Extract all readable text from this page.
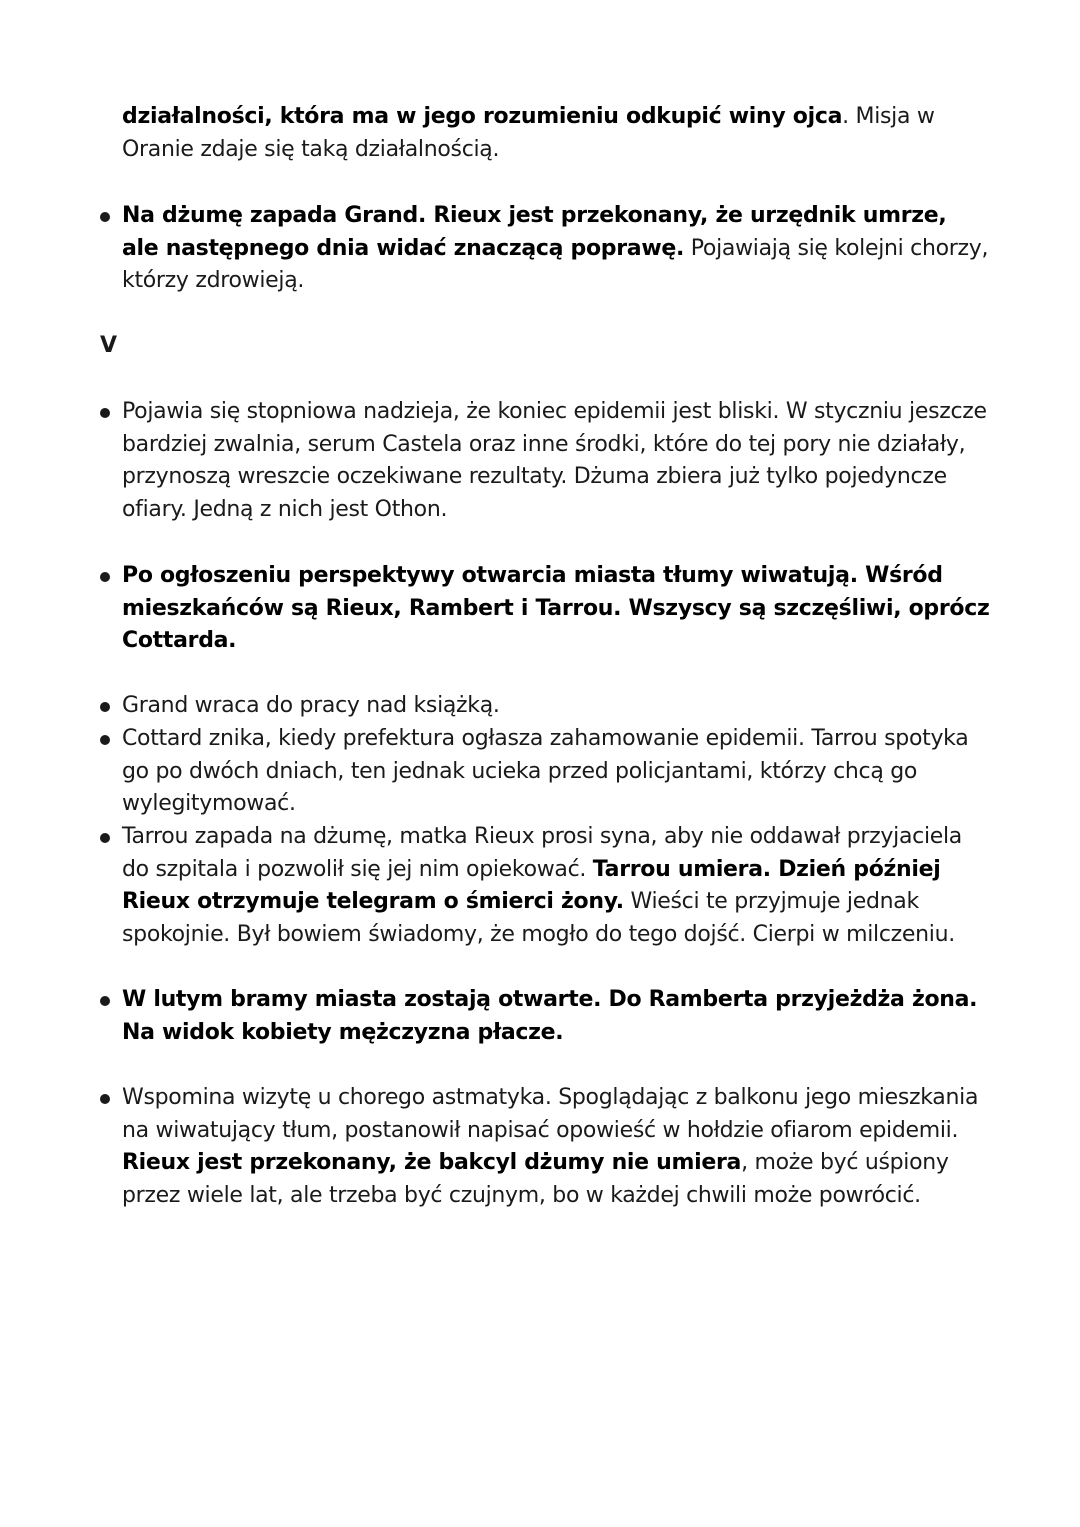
działalności, która ma w jego rozumieniu odkupić winy ojca. Misja w Oranie zdaje się taką działalnością.
Na dżumę zapada Grand. Rieux jest przekonany, że urzędnik umrze, ale następnego dnia widać znaczącą poprawę. Pojawiają się kolejni chorzy, którzy zdrowieją.
V
Pojawia się stopniowa nadzieja, że koniec epidemii jest bliski. W styczniu jeszcze bardziej zwalnia, serum Castela oraz inne środki, które do tej pory nie działały, przynoszą wreszcie oczekiwane rezultaty. Dżuma zbiera już tylko pojedyncze ofiary. Jedną z nich jest Othon.
Po ogłoszeniu perspektywy otwarcia miasta tłumy wiwatują. Wśród mieszkańców są Rieux, Rambert i Tarrou. Wszyscy są szczęśliwi, oprócz Cottarda.
Grand wraca do pracy nad książką.
Cottard znika, kiedy prefektura ogłasza zahamowanie epidemii. Tarrou spotyka go po dwóch dniach, ten jednak ucieka przed policjantami, którzy chcą go wylegitymować.
Tarrou zapada na dżumę, matka Rieux prosi syna, aby nie oddawał przyjaciela do szpitala i pozwolił się jej nim opiekować. Tarrou umiera. Dzień później Rieux otrzymuje telegram o śmierci żony. Wieści te przyjmuje jednak spokojnie. Był bowiem świadomy, że mogło do tego dojść. Cierpi w milczeniu.
W lutym bramy miasta zostają otwarte. Do Ramberta przyjeżdża żona. Na widok kobiety mężczyzna płacze.
Wspomina wizytę u chorego astmatyka. Spoglądając z balkonu jego mieszkania na wiwatujący tłum, postanowił napisać opowieść w hołdzie ofiarom epidemii. Rieux jest przekonany, że bakcyl dżumy nie umiera, może być uśpiony przez wiele lat, ale trzeba być czujnym, bo w każdej chwili może powrócić.
